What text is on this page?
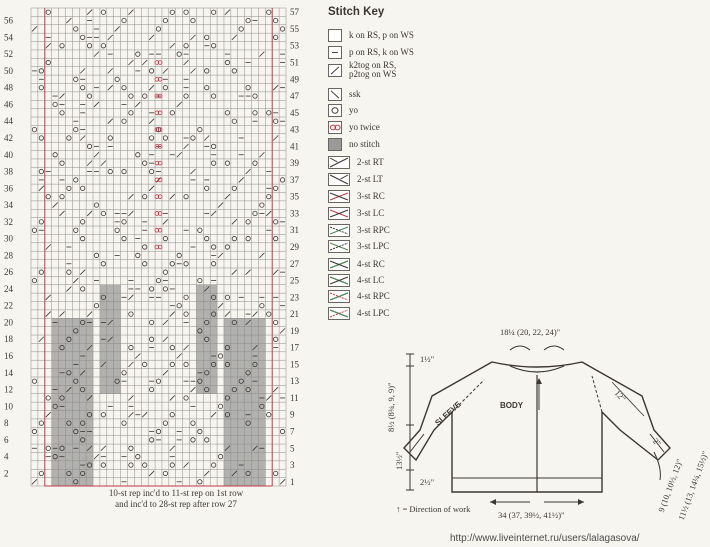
56
54
52
50
48
46
44
42
40
38
36
34
32
30
28
26
24
22
20
18
16
14
12
10
8
6
4
2
57
55
53
51
49
47
45
43
41
39
37
35
33
31
29
27
25
23
21
19
17
15
13
11
9
7
5
3
1
10-st rep inc'd to 11-st rep on 1st row
and inc'd to 28-st rep after row 27
Stitch Key
k on RS, p on WS
p on RS, k on WS
k2tog on RS,
p2tog on WS
ssk
yo
yo twice
no stitch
2-st RT
2-st LT
3-st RC
3-st LC
3-st RPC
3-st LPC
4-st RC
4-st LC
4-st RPC
4-st LPC
SLEEVE	BODY
18¼ (20, 22, 24)"
1½"
8½ (8¾, 9, 9)"
13½"
2½"
12"
2"
9 (10, 10½, 12)"
11½ (13, 14¼, 15½)"
34 (37, 39½, 41½)"
↑ = Direction of work
http://www.liveinternet.ru/users/lalagasova/
